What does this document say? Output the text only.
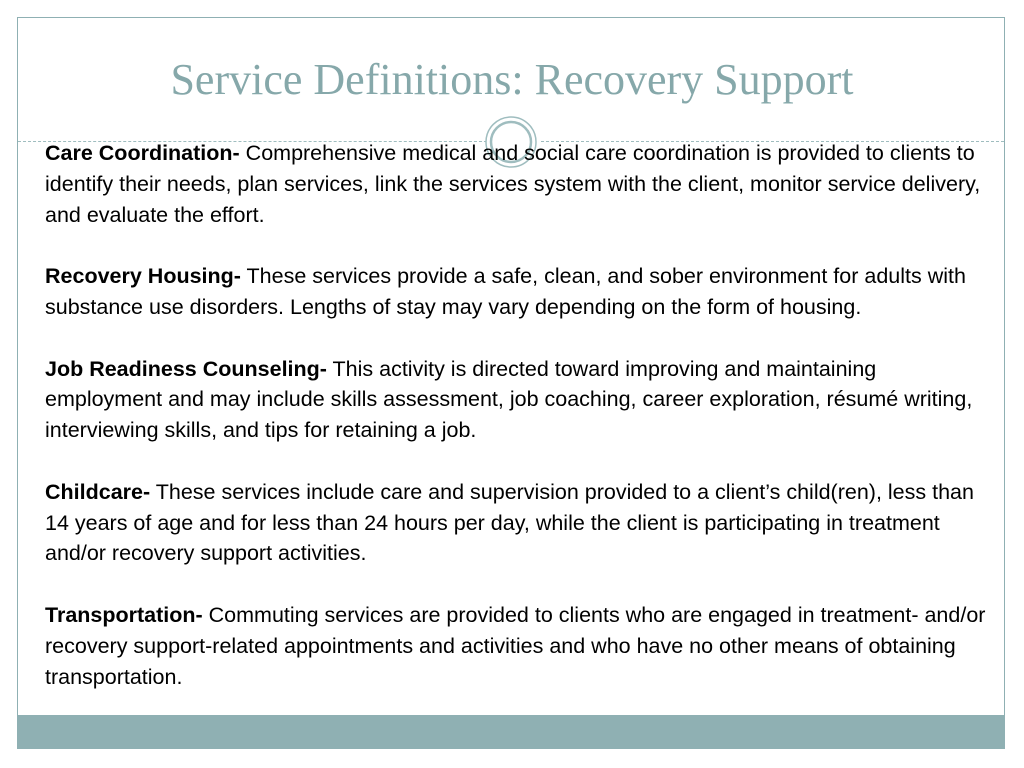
Service Definitions: Recovery Support

Care Coordination- Comprehensive medical and social care coordination is provided to clients to identify their needs, plan services, link the services system with the client, monitor service delivery, and evaluate the effort.

Recovery Housing- These services provide a safe, clean, and sober environment for adults with substance use disorders. Lengths of stay may vary depending on the form of housing.

Job Readiness Counseling- This activity is directed toward improving and maintaining employment and may include skills assessment, job coaching, career exploration, résumé writing, interviewing skills, and tips for retaining a job.

Childcare- These services include care and supervision provided to a client’s child(ren), less than 14 years of age and for less than 24 hours per day, while the client is participating in treatment and/or recovery support activities.

Transportation- Commuting services are provided to clients who are engaged in treatment- and/or recovery support-related appointments and activities and who have no other means of obtaining transportation.
